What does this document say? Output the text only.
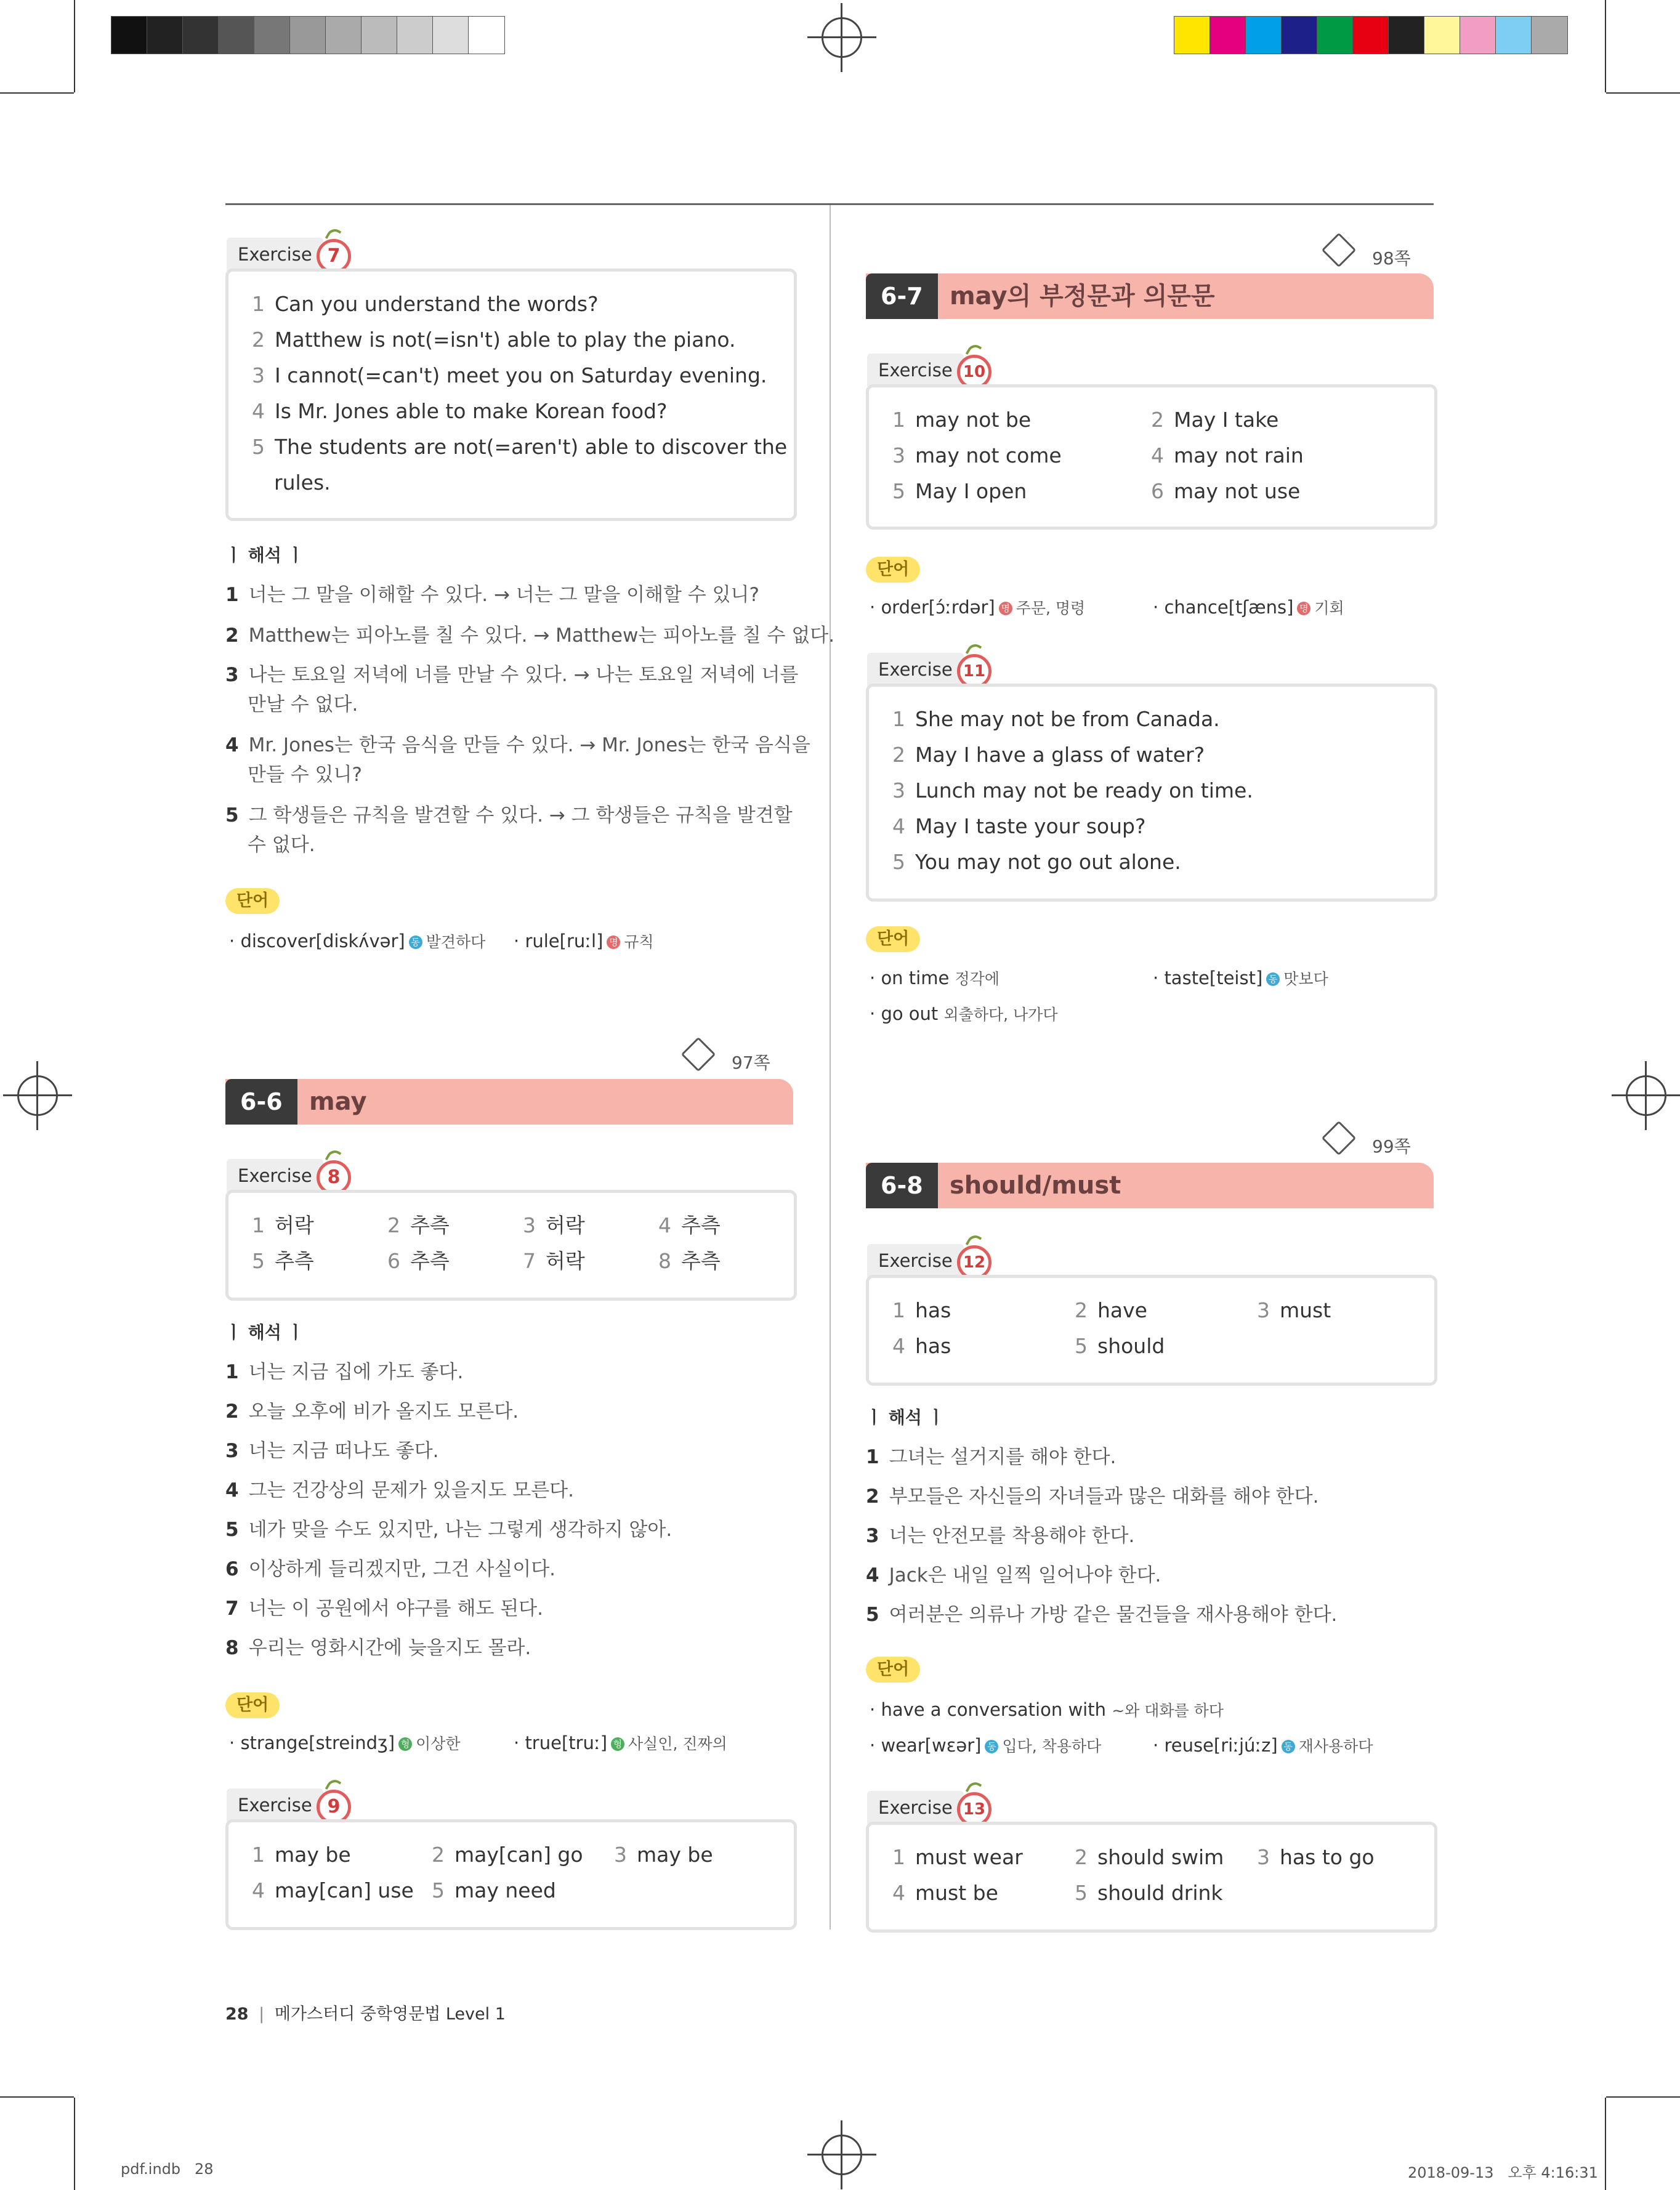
Exercise 7
1 Can you understand the words?
2 Matthew is not(=isn't) able to play the piano.
3 I cannot(=can't) meet you on Saturday evening.
4 Is Mr. Jones able to make Korean food?
5 The students are not(=aren't) able to discover the
rules.
ㅣ 해석 ㅣ
1 너는 그 말을 이해할 수 있다. → 너는 그 말을 이해할 수 있니?
2 Matthew는 피아노를 칠 수 있다. → Matthew는 피아노를 칠 수 없다.
3 나는 토요일 저녁에 너를 만날 수 있다. → 나는 토요일 저녁에 너를
만날 수 없다.
4 Mr. Jones는 한국 음식을 만들 수 있다. → Mr. Jones는 한국 음식을
만들 수 있니?
5 그 학생들은 규칙을 발견할 수 있다. → 그 학생들은 규칙을 발견할
수 없다.
단어
· discover[diskʌ́vər] 동 발견하다 · rule[ruːl] 명 규칙
97쪽
6-6	may
Exercise 8
1 허락	2 추측	3 허락	4 추측
5 추측	6 추측	7 허락	8 추측
ㅣ 해석 ㅣ
1 너는 지금 집에 가도 좋다.
2 오늘 오후에 비가 올지도 모른다.
3 너는 지금 떠나도 좋다.
4 그는 건강상의 문제가 있을지도 모른다.
5 네가 맞을 수도 있지만, 나는 그렇게 생각하지 않아.
6 이상하게 들리겠지만, 그건 사실이다.
7 너는 이 공원에서 야구를 해도 된다.
8 우리는 영화시간에 늦을지도 몰라.
단어
· strange[streindʒ] 형 이상한	· true[truː] 형 사실인, 진짜의
Exercise 9
1 may be	2 may[can] go 3 may be
4 may[can] use 5 may need
98쪽
6-7	may의 부정문과 의문문
Exercise 10
1 may not be	2 May I take
3 may not come	4 may not rain
5 May I open	6 may not use
단어
· order[ɔ́ːrdər] 명 주문, 명령	· chance[tʃæns] 명 기회
Exercise 11
1 She may not be from Canada.
2 May I have a glass of water?
3 Lunch may not be ready on time.
4 May I taste your soup?
5 You may not go out alone.
단어
· on time 정각에	· taste[teist] 동 맛보다
· go out 외출하다, 나가다
99쪽
6-8	should/must
Exercise 12
1 has	2 have	3 must
4 has	5 should
ㅣ 해석 ㅣ
1 그녀는 설거지를 해야 한다.
2 부모들은 자신들의 자녀들과 많은 대화를 해야 한다.
3 너는 안전모를 착용해야 한다.
4 Jack은 내일 일찍 일어나야 한다.
5 여러분은 의류나 가방 같은 물건들을 재사용해야 한다.
단어
· have a conversation with ~와 대화를 하다
· wear[wɛər] 동 입다, 착용하다	· reuse[riːjúːz] 동 재사용하다
Exercise 13
1 must wear	2 should swim 3 has to go
4 must be	5 should drink
28 | 메가스터디 중학영문법 Level 1
pdf.indb   28	2018-09-13   오후 4:16:31
